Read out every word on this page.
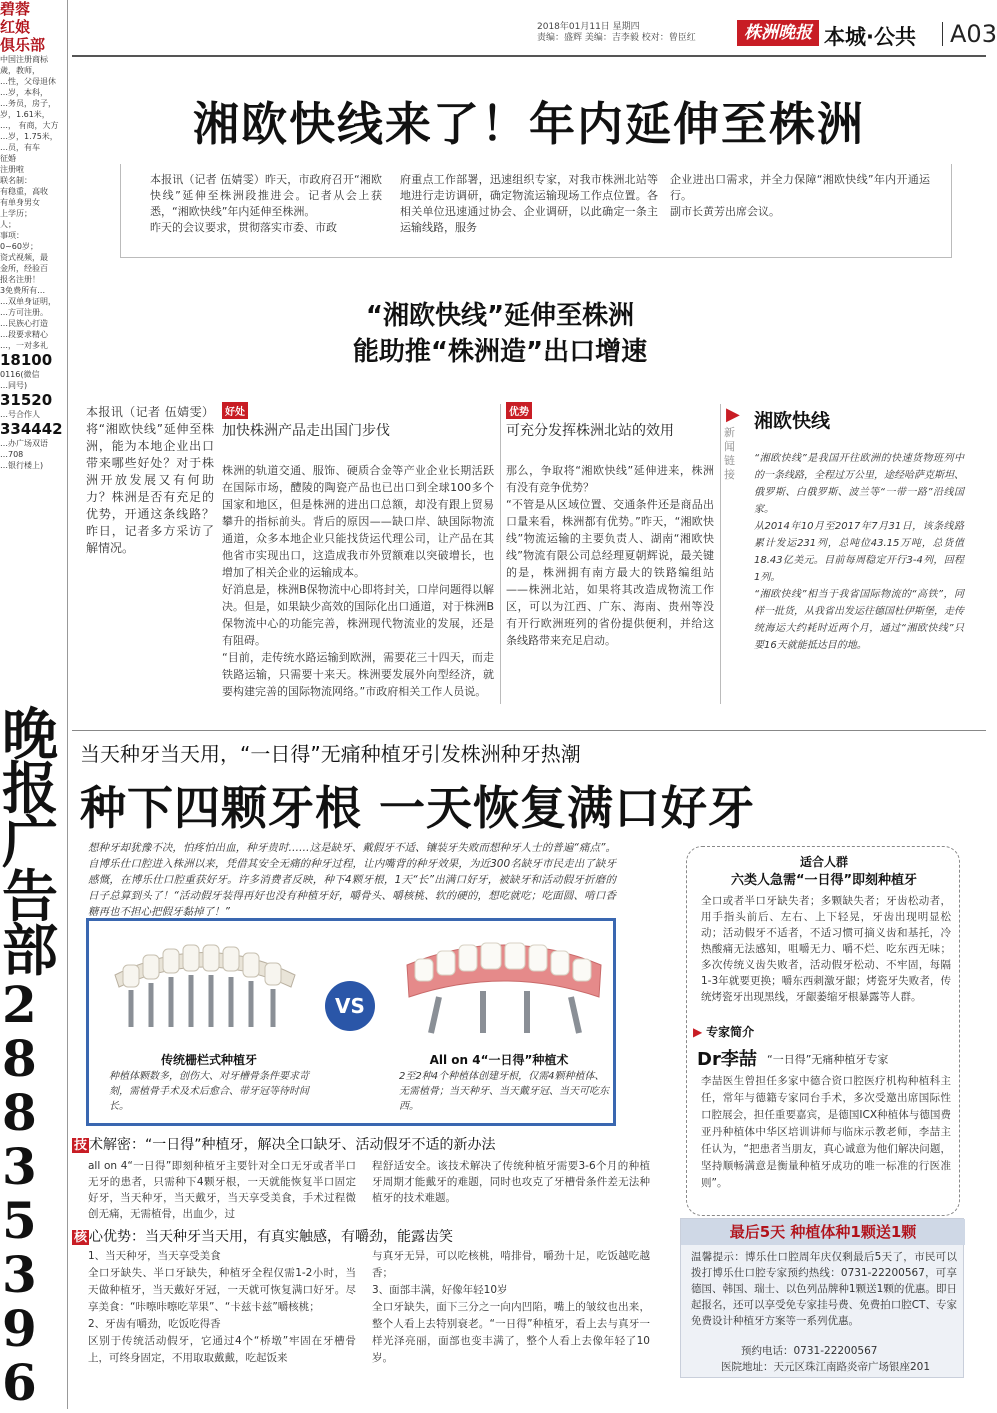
碧蓉
红娘
俱乐部
中国注册商标
歲，教师，
…性，父母退休
…岁，本科，
…务员，房子，
岁，1.61米，
…， 有商，大方
…岁，1.75米，
…员，有车
征婚
注册啦
联名制：
有稳重，高收
有单身男女
上学历；
人；
事项：
0~60岁；
资式视频，最
金所，经验百
报名注册！
3免费所有…
…双单身证明，
…方可注册。
…民族心打造
…段要求精心
…，一对多礼
18100
0116(微信
…同号)
31520
…号合作人
334442
…办广场双语
…708
…银行楼上)
晚
报
广
告
部
2
8
8
3
5
3
9
6
2018年01月11日 星期四
责编：盛辉 美编：吉李毅 校对：曾臣红	株洲晚报 本城·公共 A03
湘欧快线来了！年内延伸至株洲
本报讯（记者 伍婧雯）昨天，市政府召开“湘欧快线”延伸至株洲段推进会。记者从会上获悉，“湘欧快线”年内延伸至株洲。
昨天的会议要求，贯彻落实市委、市政
府重点工作部署，迅速组织专家，对我市株洲北站等地进行走访调研，确定物流运输现场工作点位置。各相关单位迅速通过协会、企业调研，以此确定一条主运输线路，服务
企业进出口需求，并全力保障“湘欧快线”年内开通运行。
副市长黄芳出席会议。
“湘欧快线”延伸至株洲
能助推“株洲造”出口增速
本报讯（记者 伍婧雯）将“湘欧快线”延伸至株洲，能为本地企业出口带来哪些好处？对于株洲开放发展又有何助力？株洲是否有充足的优势，开通这条线路？昨日，记者多方采访了解情况。
好处
加快株洲产品走出国门步伐
株洲的轨道交通、服饰、硬质合金等产业企业长期活跃在国际市场，醴陵的陶瓷产品也已出口到全球100多个国家和地区，但是株洲的进出口总额，却没有跟上贸易攀升的指标前头。背后的原因——缺口岸、缺国际物流通道，众多本地企业只能找货运代理公司，让产品在其他省市实现出口，这造成我市外贸额难以突破增长，也增加了相关企业的运输成本。
好消息是，株洲B保物流中心即将封关，口岸问题得以解决。但是，如果缺少高效的国际化出口通道，对于株洲B保物流中心的功能完善，株洲现代物流业的发展，还是有阻碍。
“目前，走传统水路运输到欧洲，需要花三十四天，而走铁路运输，只需要十来天。株洲要发展外向型经济，就要构建完善的国际物流网络。”市政府相关工作人员说。
优势
可充分发挥株洲北站的效用
那么，争取将“湘欧快线”延伸进来，株洲有没有竞争优势？
“不管是从区域位置、交通条件还是商品出口量来看，株洲都有优势。”昨天，“湘欧快线”物流运输的主要负责人、湖南“湘欧快线”物流有限公司总经理夏朝辉说，最关键的是，株洲拥有南方最大的铁路编组站——株洲北站，如果将其改造成物流工作区，可以为江西、广东、海南、贵州等没有开行欧洲班列的省份提供便利，并给这条线路带来充足启动。
▶
新闻链接
湘欧快线
“湘欧快线”是我国开往欧洲的快速货物班列中的一条线路，全程过万公里，途经哈萨克斯坦、俄罗斯、白俄罗斯、波兰等“一带一路”沿线国家。
从2014年10月至2017年7月31日，该条线路累计发运231列，总吨位43.15万吨，总货值18.43亿美元。目前每周稳定开行3-4列，回程1列。
“湘欧快线”相当于我省国际物流的“高铁”，同样一批货，从我省出发运往德国杜伊斯堡，走传统海运大约耗时近两个月，通过“湘欧快线”只要16天就能抵达目的地。
当天种牙当天用，“一日得”无痛种植牙引发株洲种牙热潮
种下四颗牙根 一天恢复满口好牙
想种牙却犹豫不决，怕疼怕出血，种牙贵时……这是缺牙、戴假牙不适、镶装牙失败而想种牙人士的普遍“痛点”。自博乐仕口腔进入株洲以来，凭借其安全无痛的种牙过程，让内嘴背的种牙效果，为近300名缺牙市民走出了缺牙感慨，在博乐仕口腔重获好牙。许多消费者反映，种下4颗牙根，1天“长”出满口好牙，被缺牙和活动假牙折磨的日子总算到头了！“活动假牙装得再好也没有种植牙好，嚼骨头、嚼核桃、软的硬的，想吃就吃；吃面圆、啃口香糖再也不担心把假牙黏掉了！”
VS
传统栅栏式种植牙
种植体颗数多，创伤大、对牙槽骨条件要求苛刻，需植骨手术及术后愈合、带牙冠等待时间长。
All on 4“一日得”种植术
2至2种4个种植体创建牙根，仅需4颗种植体、无需植骨；当天种牙、当天戴牙冠、当天可吃东西。
适合人群
六类人急需“一日得”即刻种植牙
全口或者半口牙缺失者；多颗缺失者；牙齿松动者，用手指头前后、左右、上下轻晃，牙齿出现明显松动；活动假牙不适者，不适习惯可摘义齿和基托，冷热酸痛无法感知，咀嚼无力、嚼不烂、吃东西无味；多次传统义齿失败者，活动假牙松动、不牢固，每隔1-3年就要更换；嚼东西刺激牙龈；烤瓷牙失败者，传统烤瓷牙出现黑线，牙龈萎缩牙根暴露等人群。
▶ 专家简介
Dr李喆 “一日得”无痛种植牙专家
李喆医生曾担任多家中德合资口腔医疗机构种植科主任，常年与德籍专家同台手术，多次受邀出席国际性口腔展会，担任重要嘉宾，是德国ICX种植体与德国费亚丹种植体中华区培训讲师与临床示教老师，李喆主任认为，“把患者当朋友，真心诚意为他们解决问题，坚持顺畅满意是衡量种植牙成功的唯一标准的行医准则”。
技 术解密：“一日得”种植牙，解决全口缺牙、活动假牙不适的新办法
all on 4“一日得”即刻种植牙主要针对全口无牙或者半口无牙的患者，只需种下4颗牙根，一天就能恢复半口固定好牙，当天种牙，当天戴牙，当天享受美食，手术过程微创无痛，无需植骨，出血少，过
程舒适安全。该技术解决了传统种植牙需要3-6个月的种植牙周期才能戴牙的难题，同时也攻克了牙槽骨条件差无法种植牙的技术难题。
核 心优势：当天种牙当天用，有真实触感，有嚼劲，能露齿笑
1、当天种牙，当天享受美食
全口牙缺失、半口牙缺失，种植牙全程仅需1-2小时，当天做种植牙，当天戴好牙冠，一天就可恢复满口好牙。尽享美食：“咔嚓咔嚓吃苹果”、“卡兹卡兹”嚼核桃；
2、牙齿有嚼劲，吃饭吃得香
区别于传统活动假牙，它通过4个“桥墩”牢固在牙槽骨上，可终身固定，不用取取戴戴，吃起饭来
与真牙无异，可以吃核桃，啃排骨，嚼劲十足，吃饭越吃越香；
3、面部丰满，好像年轻10岁
全口牙缺失，面下三分之一向内凹陷，嘴上的皱纹也出来，整个人看上去特别衰老。“一日得”种植牙，看上去与真牙一样光泽亮丽，面部也变丰满了，整个人看上去像年轻了10岁。
最后5天 种植体种1颗送1颗
温馨提示：博乐仕口腔周年庆仅剩最后5天了，市民可以拨打博乐仕口腔专家预约热线：0731-22200567，可享德国、韩国、瑞士、以色列品牌种1颗送1颗的优惠。即日起报名，还可以享受免专家挂号费、免费拍口腔CT、专家免费设计种植牙方案等一系列优惠。
预约电话：0731-22200567
医院地址：天元区珠江南路炎帝广场银座201
